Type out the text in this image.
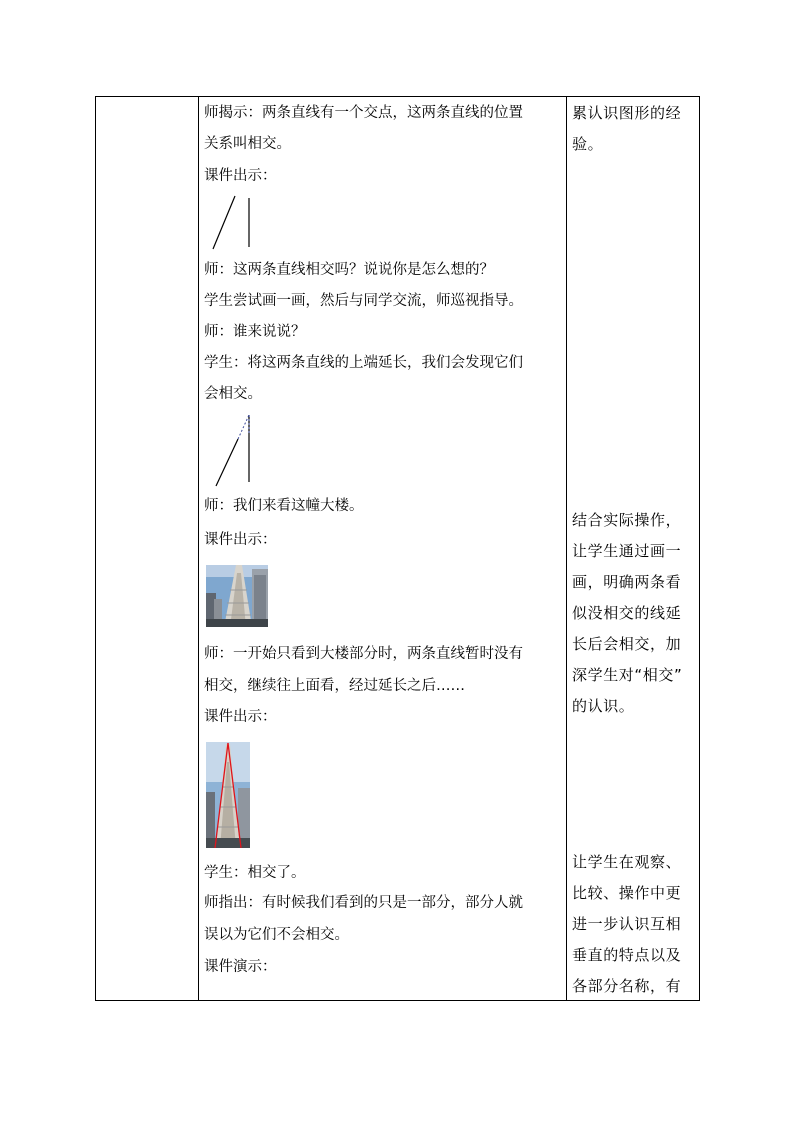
师揭示：两条直线有一个交点，这两条直线的位置
关系叫相交。
课件出示：
师：这两条直线相交吗？说说你是怎么想的？
学生尝试画一画，然后与同学交流，师巡视指导。
师：谁来说说？
学生：将这两条直线的上端延长，我们会发现它们
会相交。
师：我们来看这幢大楼。
课件出示：
师：一开始只看到大楼部分时，两条直线暂时没有
相交，继续往上面看，经过延长之后……
课件出示：
学生：相交了。
师指出：有时候我们看到的只是一部分，部分人就
误以为它们不会相交。
课件演示：
累认识图形的经
验。
结合实际操作，
让学生通过画一
画，明确两条看
似没相交的线延
长后会相交，加
深学生对“相交”
的认识。
让学生在观察、
比较、操作中更
进一步认识互相
垂直的特点以及
各部分名称，有
